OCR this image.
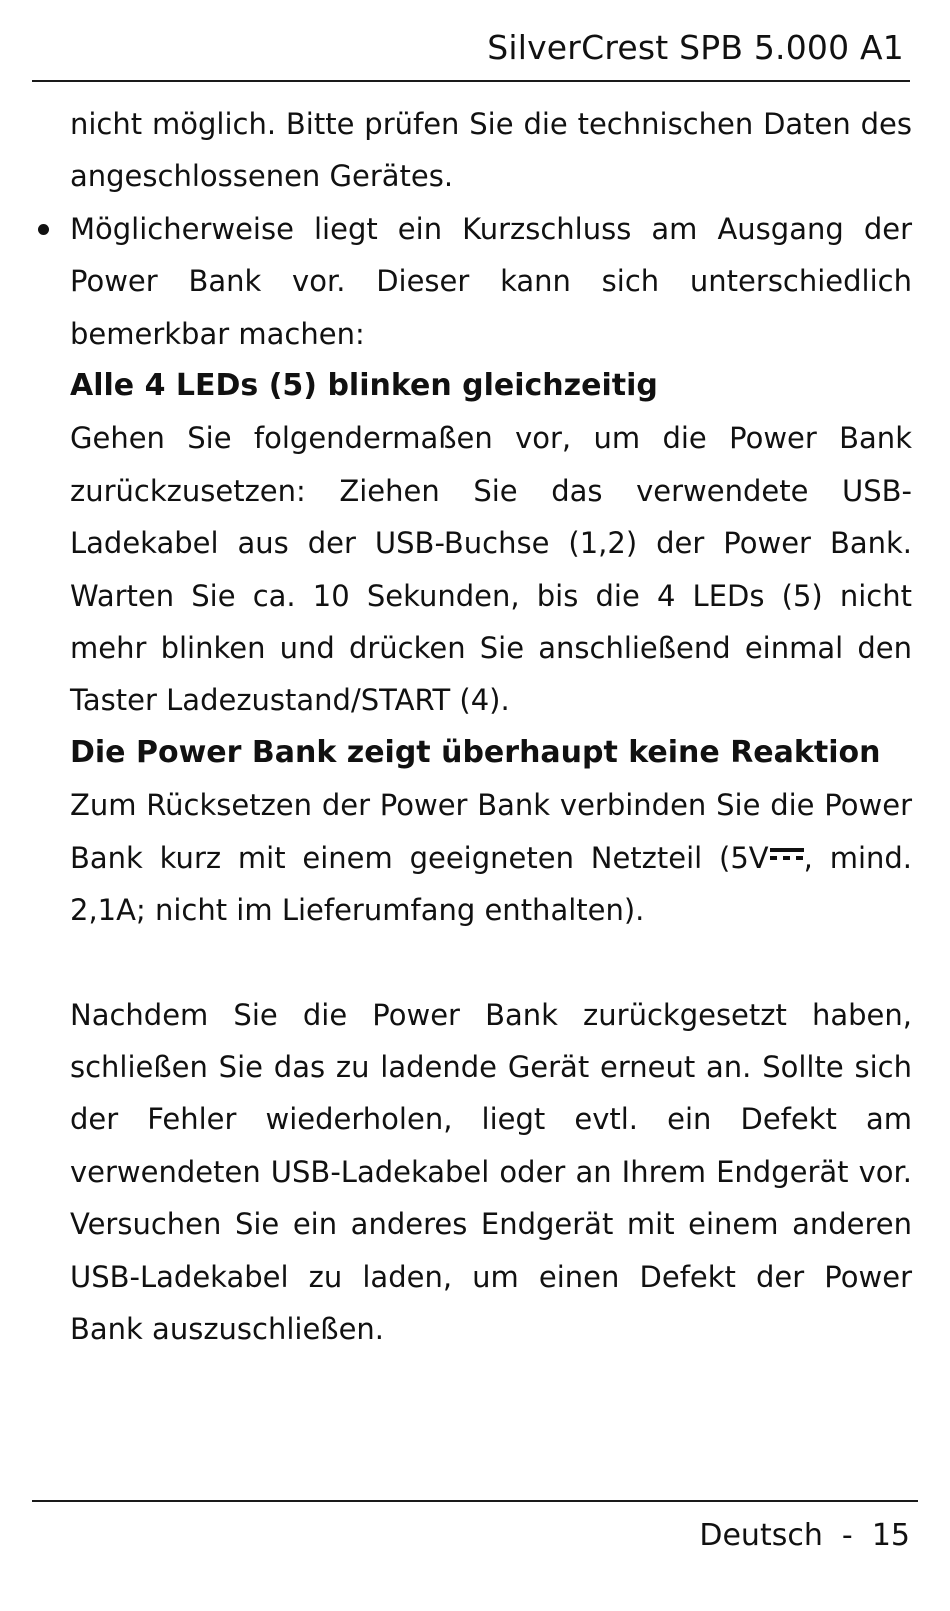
SilverCrest SPB 5.000 A1

nicht möglich. Bitte prüfen Sie die technischen Daten des angeschlossenen Gerätes.

Möglicherweise liegt ein Kurzschluss am Ausgang der Power Bank vor. Dieser kann sich unterschiedlich bemerkbar machen:

Alle 4 LEDs (5) blinken gleichzeitig

Gehen Sie folgendermaßen vor, um die Power Bank zurückzusetzen: Ziehen Sie das verwendete USB-Ladekabel aus der USB-Buchse (1,2) der Power Bank. Warten Sie ca. 10 Sekunden, bis die 4 LEDs (5) nicht mehr blinken und drücken Sie anschließend einmal den Taster Ladezustand/START (4).

Die Power Bank zeigt überhaupt keine Reaktion

Zum Rücksetzen der Power Bank verbinden Sie die Power Bank kurz mit einem geeigneten Netzteil (5V , mind. 2,1A; nicht im Lieferumfang enthalten).

Nachdem Sie die Power Bank zurückgesetzt haben, schließen Sie das zu ladende Gerät erneut an. Sollte sich der Fehler wiederholen, liegt evtl. ein Defekt am verwendeten USB-Ladekabel oder an Ihrem Endgerät vor. Versuchen Sie ein anderes Endgerät mit einem anderen USB-Ladekabel zu laden, um einen Defekt der Power Bank auszuschließen.

Deutsch  -  15
